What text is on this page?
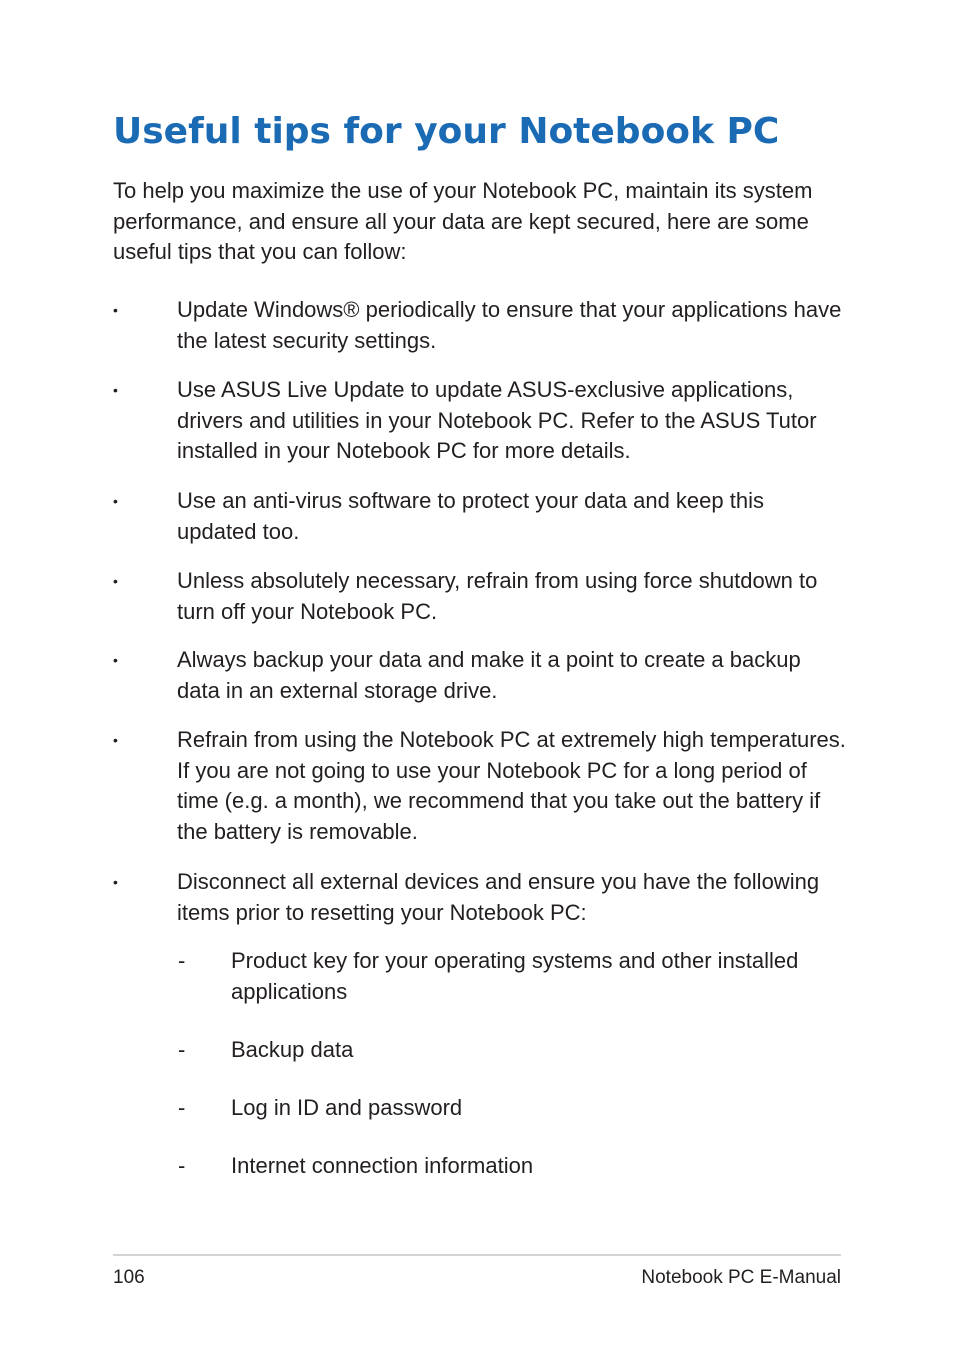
Useful tips for your Notebook PC

To help you maximize the use of your Notebook PC, maintain its system performance, and ensure all your data are kept secured, here are some useful tips that you can follow:

•	Update Windows® periodically to ensure that your applications have the latest security settings.
•	Use ASUS Live Update to update ASUS-exclusive applications, drivers and utilities in your Notebook PC. Refer to the ASUS Tutor installed in your Notebook PC for more details.
•	Use an anti-virus software to protect your data and keep this updated too.
•	Unless absolutely necessary, refrain from using force shutdown to turn off your Notebook PC.
•	Always backup your data and make it a point to create a backup data in an external storage drive.
•	Refrain from using the Notebook PC at extremely high temperatures. If you are not going to use your Notebook PC for a long period of time (e.g. a month), we recommend that you take out the battery if the battery is removable.
•	Disconnect all external devices and ensure you have the following items prior to resetting your Notebook PC:
- Product key for your operating systems and other installed applications
- Backup data
- Log in ID and password
- Internet connection information
106	Notebook PC E-Manual
